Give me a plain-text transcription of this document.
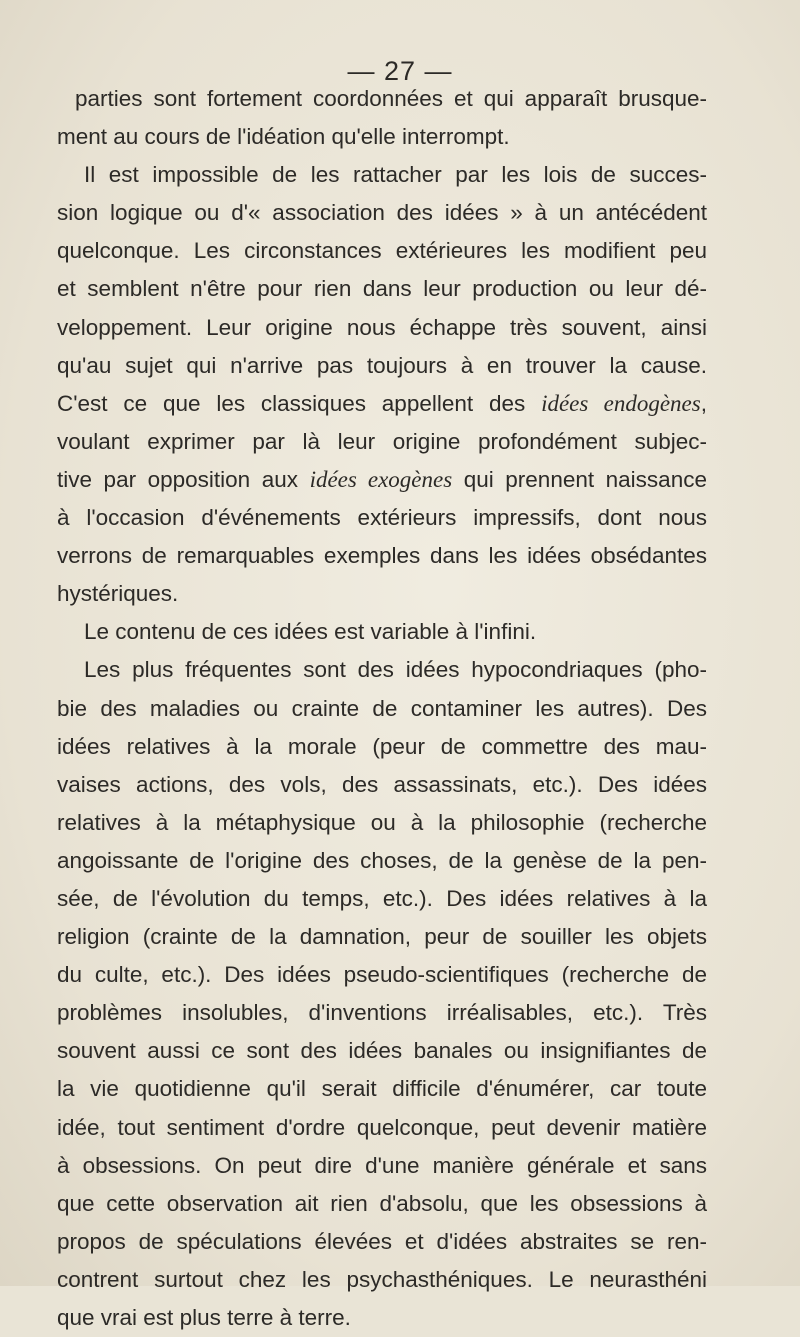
— 27 —
parties sont fortement coordonnées et qui apparaît brusque-
ment au cours de l'idéation qu'elle interrompt.
Il est impossible de les rattacher par les lois de succes-
sion logique ou d'« association des idées » à un antécédent
quelconque. Les circonstances extérieures les modifient peu
et semblent n'être pour rien dans leur production ou leur dé-
veloppement. Leur origine nous échappe très souvent, ainsi
qu'au sujet qui n'arrive pas toujours à en trouver la cause.
C'est ce que les classiques appellent des idées endogènes,
voulant exprimer par là leur origine profondément subjec-
tive par opposition aux idées exogènes qui prennent naissance
à l'occasion d'événements extérieurs impressifs, dont nous
verrons de remarquables exemples dans les idées obsédantes
hystériques.
Le contenu de ces idées est variable à l'infini.
Les plus fréquentes sont des idées hypocondriaques (pho-
bie des maladies ou crainte de contaminer les autres). Des
idées relatives à la morale (peur de commettre des mau-
vaises actions, des vols, des assassinats, etc.). Des idées
relatives à la métaphysique ou à la philosophie (recherche
angoissante de l'origine des choses, de la genèse de la pen-
sée, de l'évolution du temps, etc.). Des idées relatives à la
religion (crainte de la damnation, peur de souiller les objets
du culte, etc.). Des idées pseudo-scientifiques (recherche de
problèmes insolubles, d'inventions irréalisables, etc.). Très
souvent aussi ce sont des idées banales ou insignifiantes de
la vie quotidienne qu'il serait difficile d'énumérer, car toute
idée, tout sentiment d'ordre quelconque, peut devenir matière
à obsessions. On peut dire d'une manière générale et sans
que cette observation ait rien d'absolu, que les obsessions à
propos de spéculations élevées et d'idées abstraites se ren-
contrent surtout chez les psychasthéniques. Le neurasthéni
que vrai est plus terre à terre.
